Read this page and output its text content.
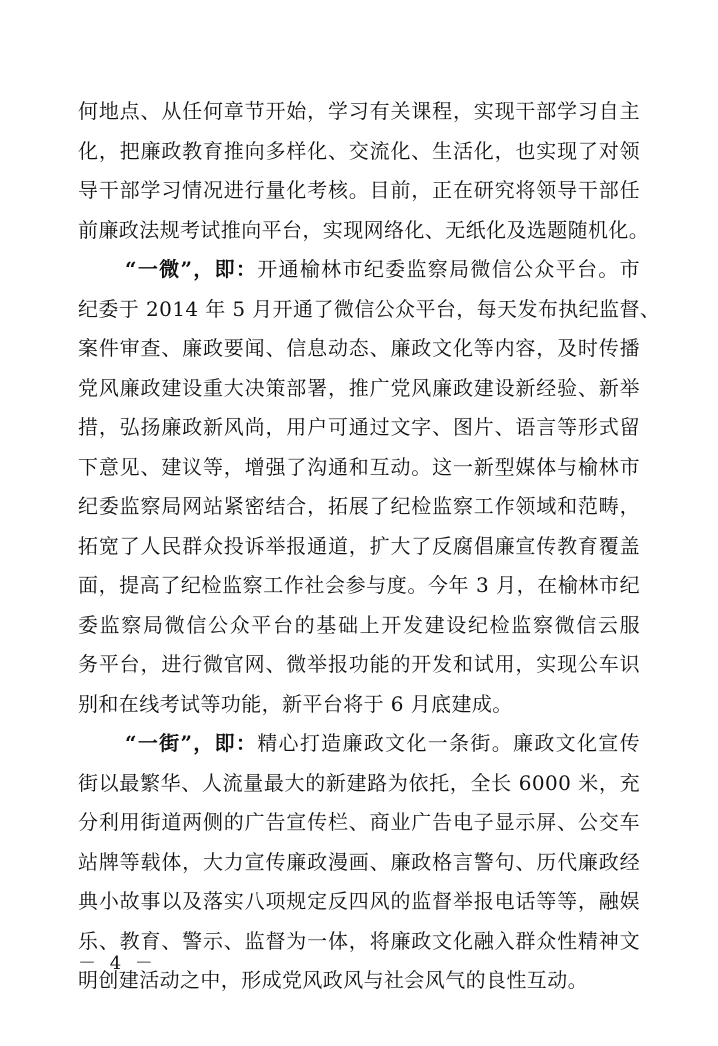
何地点、从任何章节开始，学习有关课程，实现干部学习自主
化，把廉政教育推向多样化、交流化、生活化，也实现了对领
导干部学习情况进行量化考核。目前，正在研究将领导干部任
前廉政法规考试推向平台，实现网络化、无纸化及选题随机化。
“一微”，即：开通榆林市纪委监察局微信公众平台。市
纪委于 2014 年 5 月开通了微信公众平台，每天发布执纪监督、
案件审查、廉政要闻、信息动态、廉政文化等内容，及时传播
党风廉政建设重大决策部署，推广党风廉政建设新经验、新举
措，弘扬廉政新风尚，用户可通过文字、图片、语言等形式留
下意见、建议等，增强了沟通和互动。这一新型媒体与榆林市
纪委监察局网站紧密结合，拓展了纪检监察工作领域和范畴，
拓宽了人民群众投诉举报通道，扩大了反腐倡廉宣传教育覆盖
面，提高了纪检监察工作社会参与度。今年 3 月，在榆林市纪
委监察局微信公众平台的基础上开发建设纪检监察微信云服
务平台，进行微官网、微举报功能的开发和试用，实现公车识
别和在线考试等功能，新平台将于 6 月底建成。
“一街”，即：精心打造廉政文化一条街。廉政文化宣传
街以最繁华、人流量最大的新建路为依托，全长 6000 米，充
分利用街道两侧的广告宣传栏、商业广告电子显示屏、公交车
站牌等载体，大力宣传廉政漫画、廉政格言警句、历代廉政经
典小故事以及落实八项规定反四风的监督举报电话等等，融娱
乐、教育、警示、监督为一体，将廉政文化融入群众性精神文
明创建活动之中，形成党风政风与社会风气的良性互动。
－ 4 －
